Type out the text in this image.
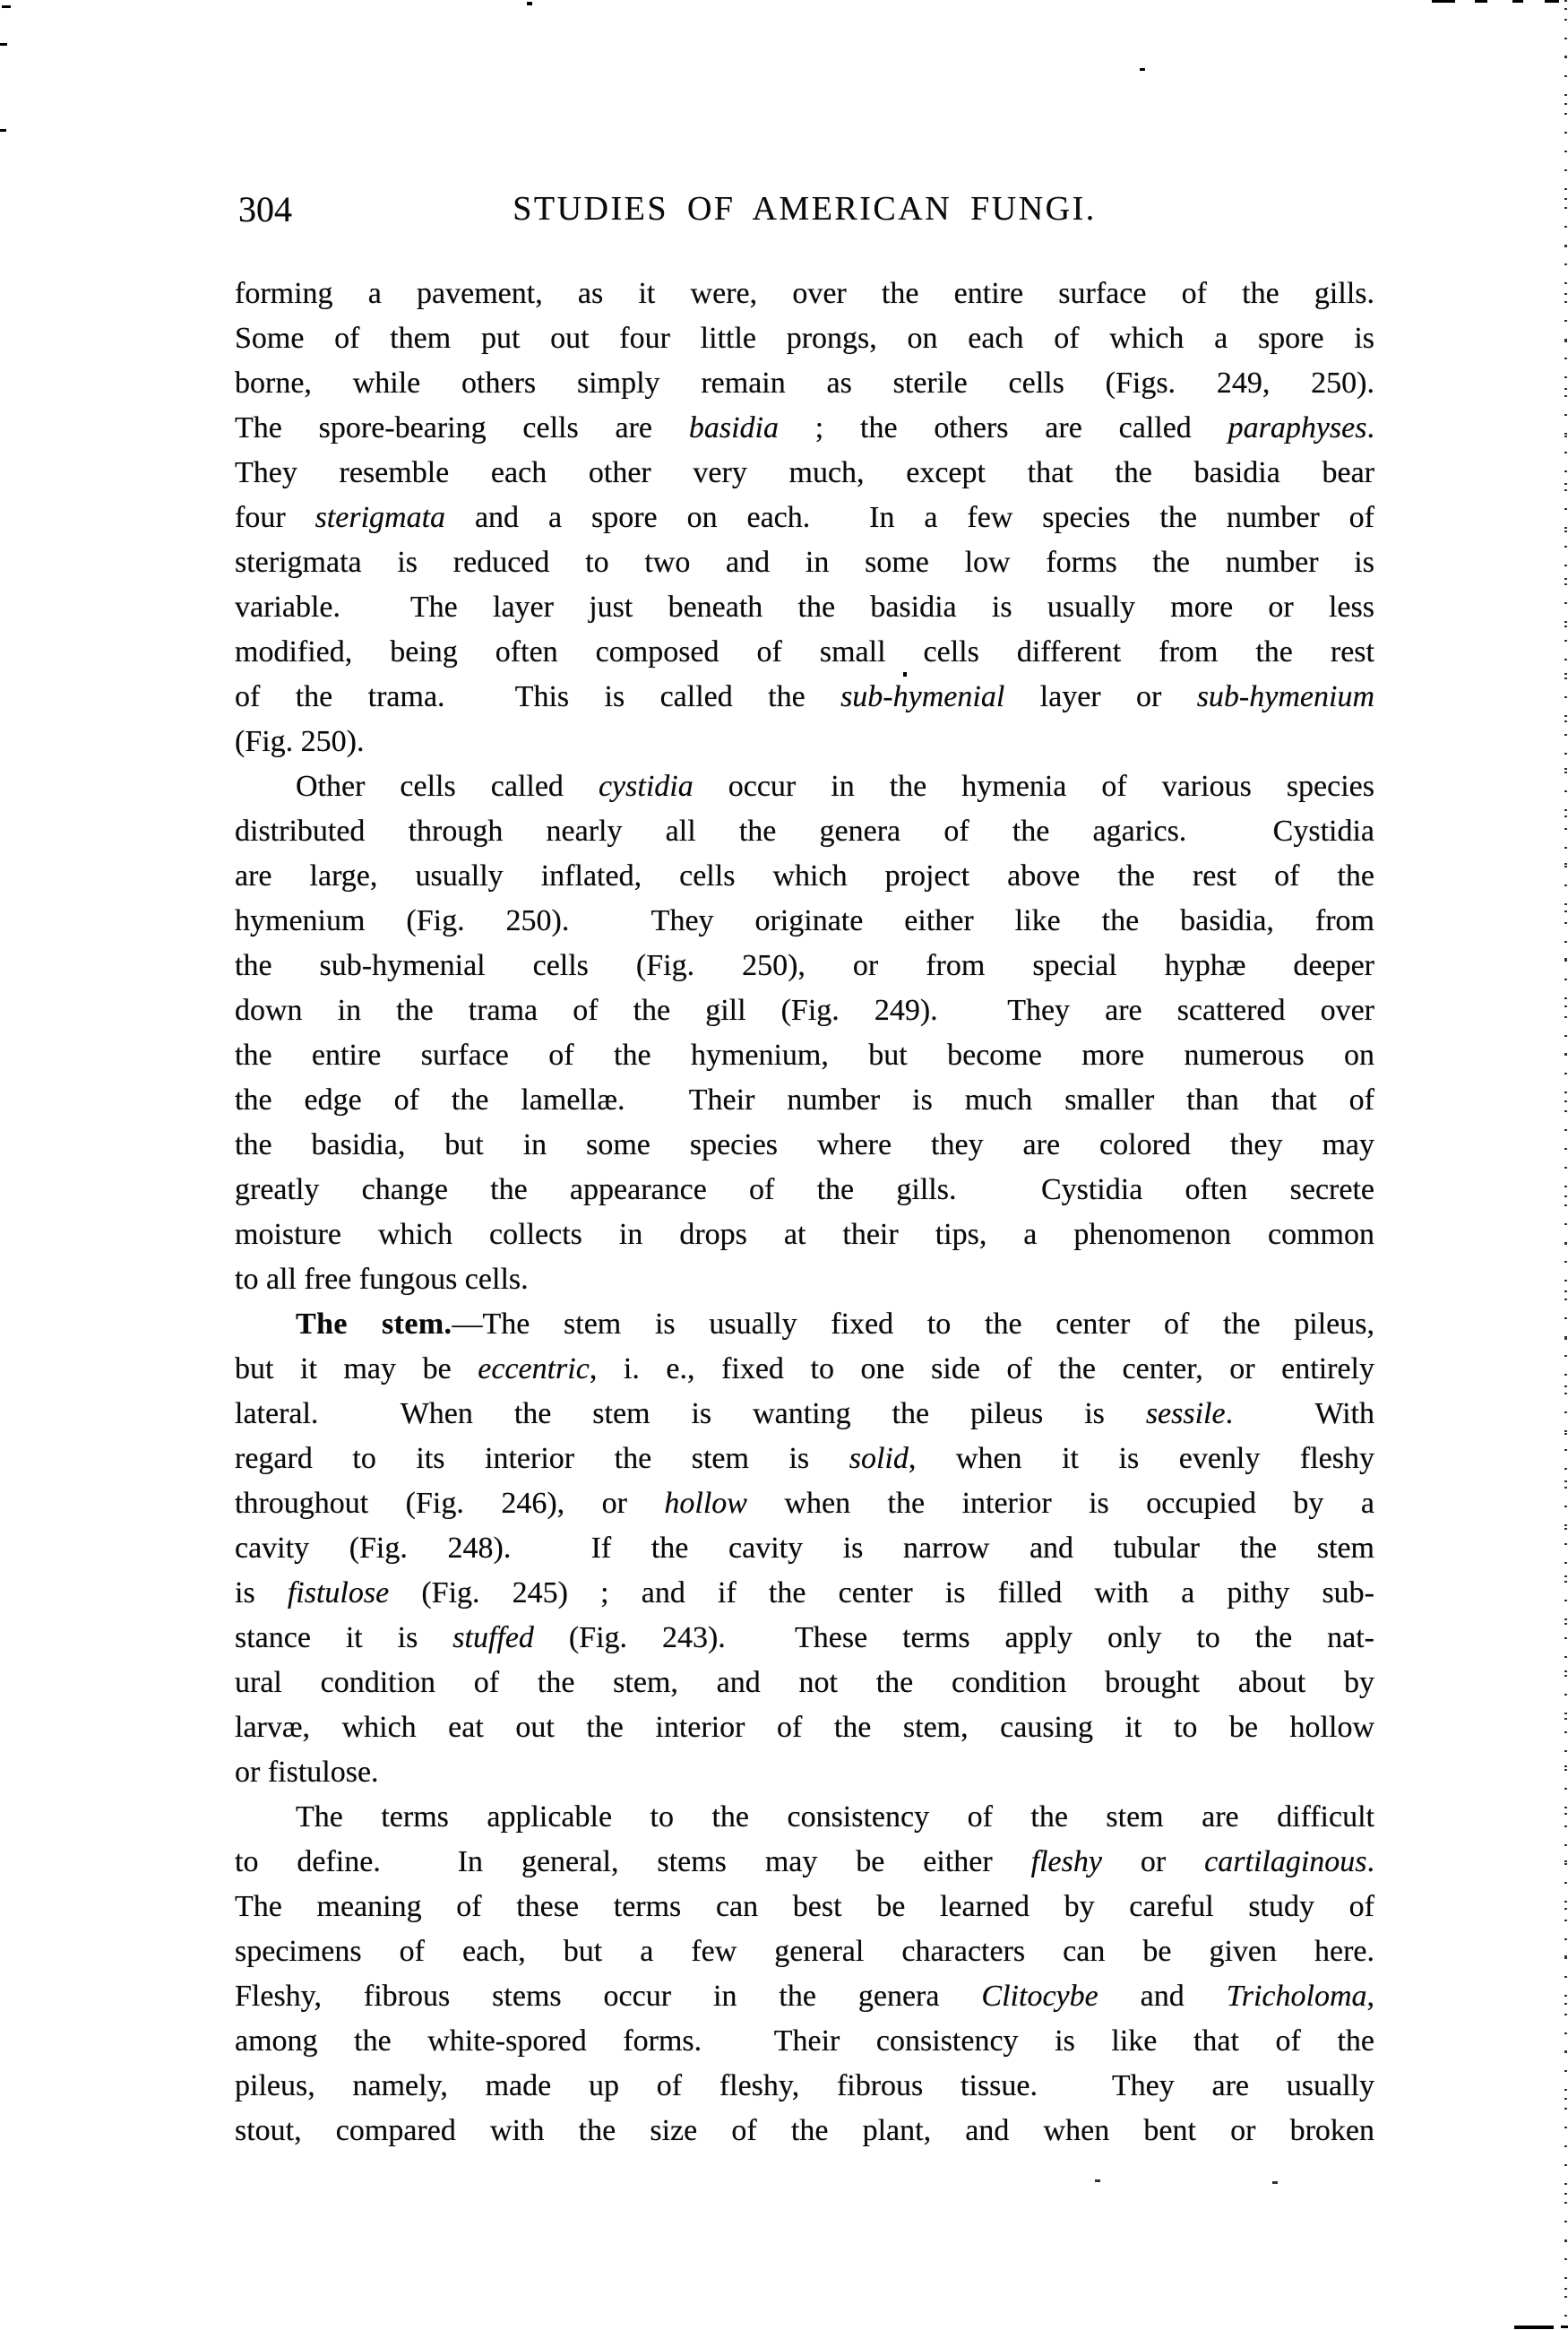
304	STUDIES OF AMERICAN FUNGI.
forming a pavement, as it were, over the entire surface of the gills.
Some of them put out four little prongs, on each of which a spore is
borne, while others simply remain as sterile cells (Figs. 249, 250).
The spore-bearing cells are basidia ; the others are called paraphyses.
They resemble each other very much, except that the basidia bear
four sterigmata and a spore on each.  In a few species the number of
sterigmata is reduced to two and in some low forms the number is
variable.  The layer just beneath the basidia is usually more or less
modified, being often composed of small cells different from the rest
of the trama.  This is called the sub-hymenial layer or sub-hymenium
(Fig. 250).
Other cells called cystidia occur in the hymenia of various species
distributed through nearly all the genera of the agarics.  Cystidia
are large, usually inflated, cells which project above the rest of the
hymenium (Fig. 250).  They originate either like the basidia, from
the sub-hymenial cells (Fig. 250), or from special hyphæ deeper
down in the trama of the gill (Fig. 249).  They are scattered over
the entire surface of the hymenium, but become more numerous on
the edge of the lamellæ.  Their number is much smaller than that of
the basidia, but in some species where they are colored they may
greatly change the appearance of the gills.  Cystidia often secrete
moisture which collects in drops at their tips, a phenomenon common
to all free fungous cells.
The stem.—The stem is usually fixed to the center of the pileus,
but it may be eccentric, i. e., fixed to one side of the center, or entirely
lateral.  When the stem is wanting the pileus is sessile.  With
regard to its interior the stem is solid, when it is evenly fleshy
throughout (Fig. 246), or hollow when the interior is occupied by a
cavity (Fig. 248).  If the cavity is narrow and tubular the stem
is fistulose (Fig. 245) ; and if the center is filled with a pithy sub-
stance it is stuffed (Fig. 243).  These terms apply only to the nat-
ural condition of the stem, and not the condition brought about by
larvæ, which eat out the interior of the stem, causing it to be hollow
or fistulose.
The terms applicable to the consistency of the stem are difficult
to define.  In general, stems may be either fleshy or cartilaginous.
The meaning of these terms can best be learned by careful study of
specimens of each, but a few general characters can be given here.
Fleshy, fibrous stems occur in the genera Clitocybe and Tricholoma,
among the white-spored forms.  Their consistency is like that of the
pileus, namely, made up of fleshy, fibrous tissue.  They are usually
stout, compared with the size of the plant, and when bent or broken
